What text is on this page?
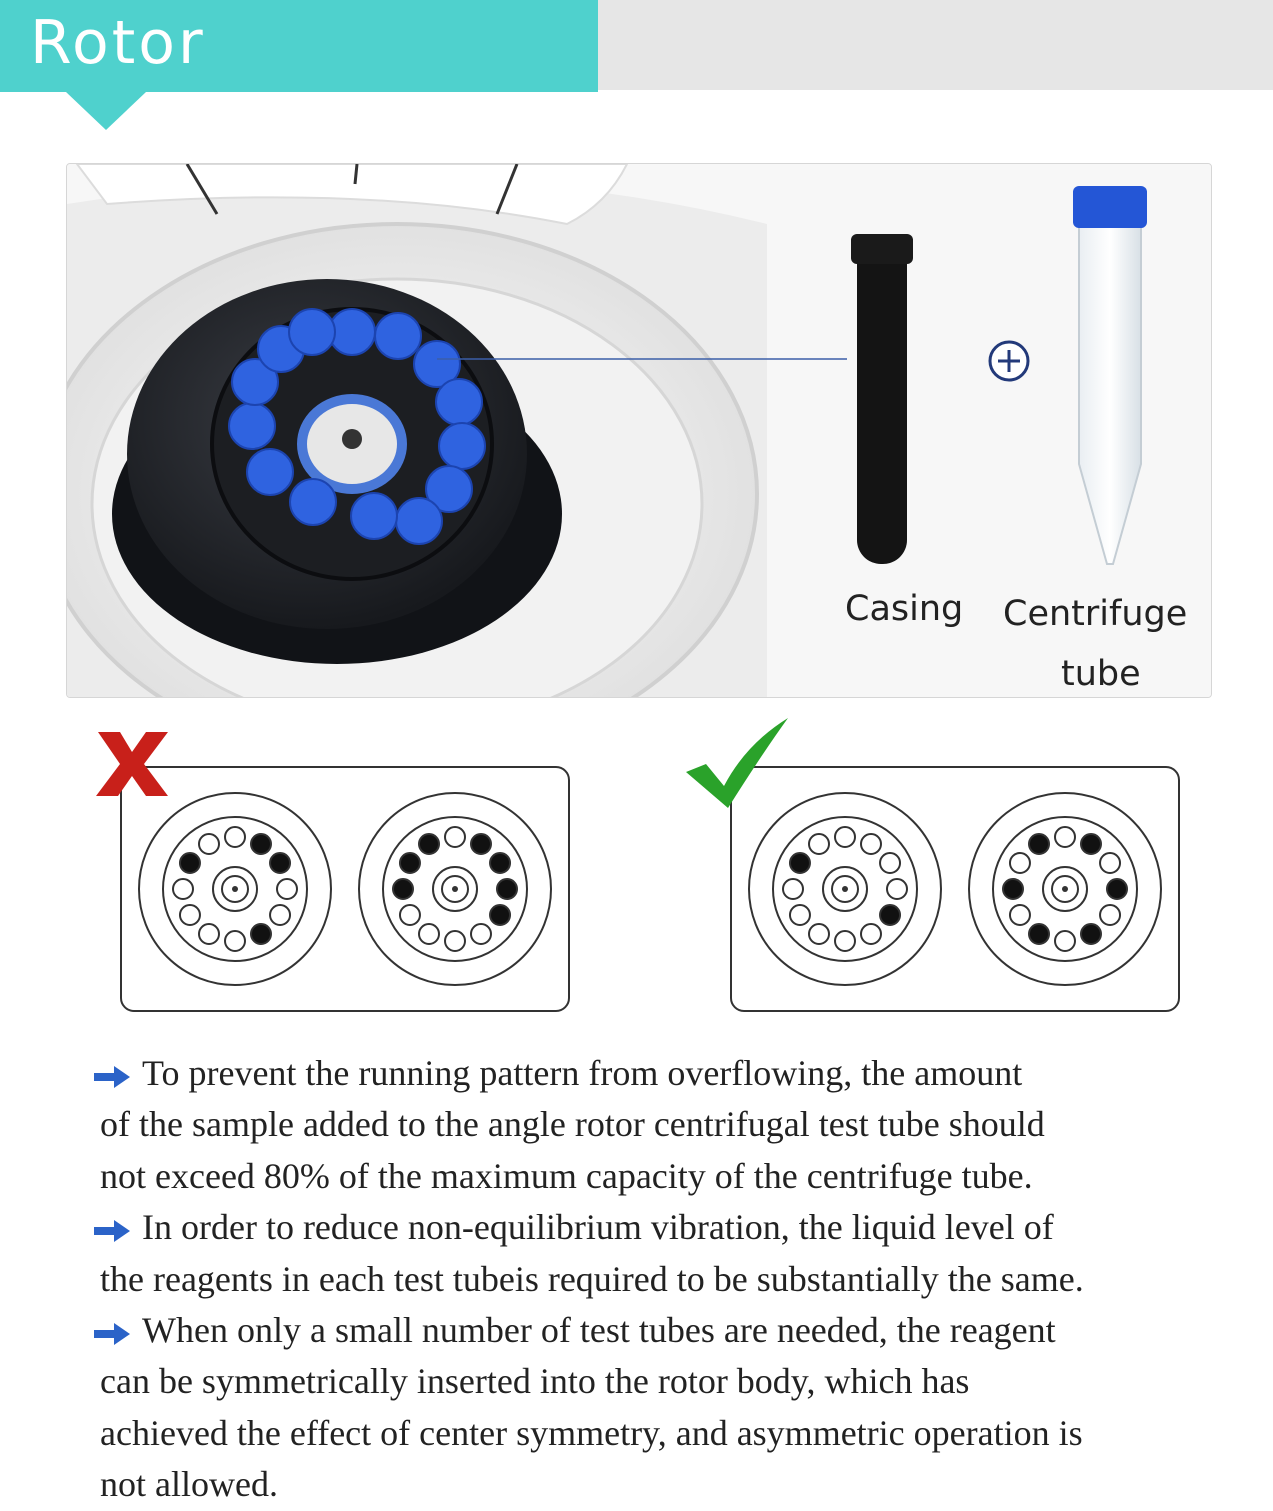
Rotor
Casing Centrifuge
tube
To prevent the running pattern from overflowing, the amount
of the sample added to the angle rotor centrifugal test tube should
not exceed 80% of the maximum capacity of the centrifuge tube.
In order to reduce non-equilibrium vibration, the liquid level of
the reagents in each test tubeis required to be substantially the same.
When only a small number of test tubes are needed, the reagent
can be symmetrically inserted into the rotor body, which has
achieved the effect of center symmetry, and asymmetric operation is
not allowed.
